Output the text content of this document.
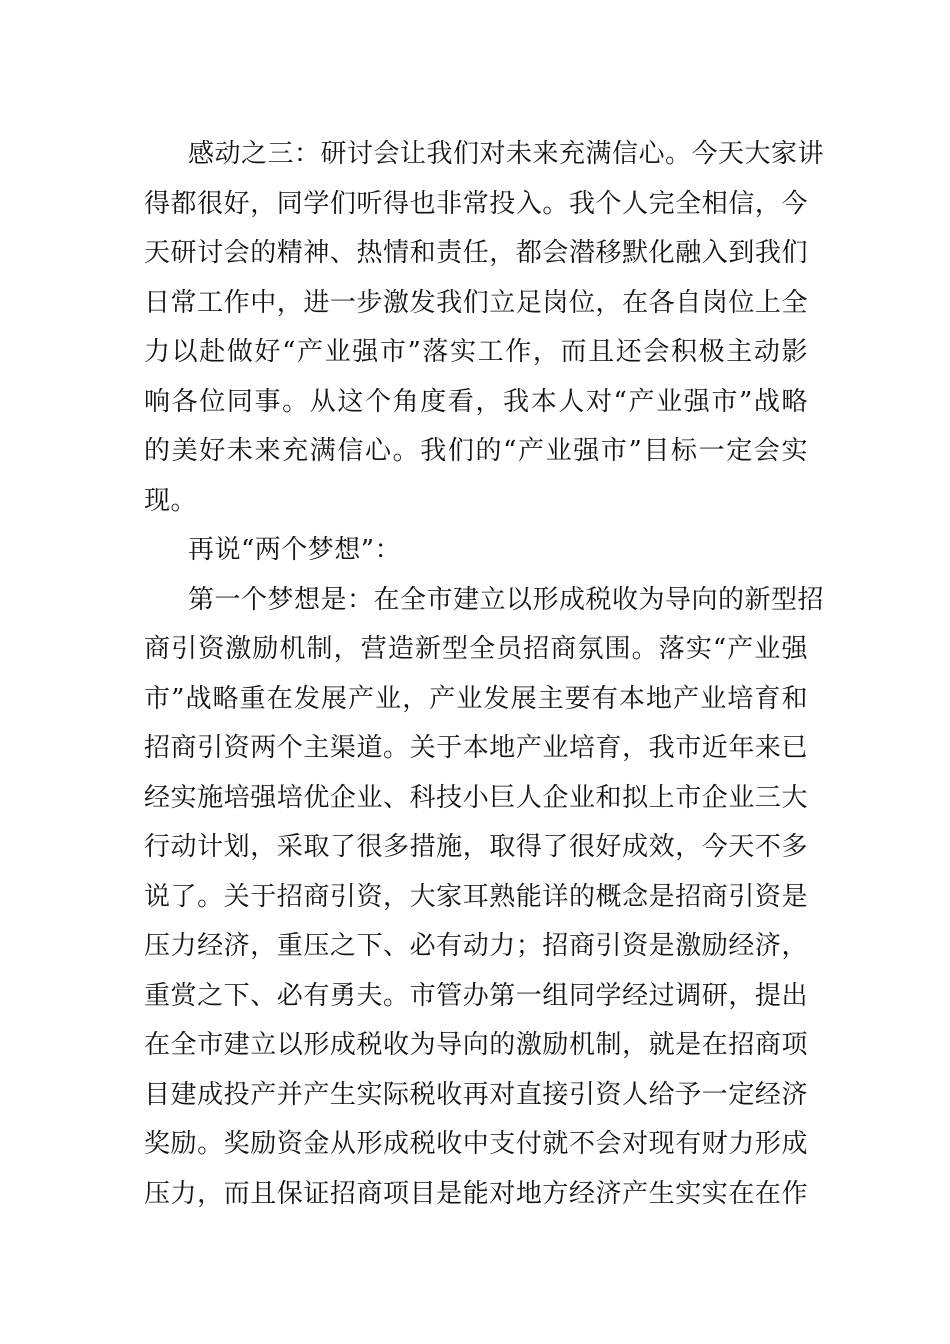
感动之三：研讨会让我们对未来充满信心。今天大家讲
得都很好，同学们听得也非常投入。我个人完全相信，今
天研讨会的精神、热情和责任，都会潜移默化融入到我们
日常工作中，进一步激发我们立足岗位，在各自岗位上全
力以赴做好“产业强市”落实工作，而且还会积极主动影
响各位同事。从这个角度看，我本人对“产业强市”战略
的美好未来充满信心。我们的“产业强市”目标一定会实
现。
再说“两个梦想”：
第一个梦想是：在全市建立以形成税收为导向的新型招
商引资激励机制，营造新型全员招商氛围。落实“产业强
市”战略重在发展产业，产业发展主要有本地产业培育和
招商引资两个主渠道。关于本地产业培育，我市近年来已
经实施培强培优企业、科技小巨人企业和拟上市企业三大
行动计划，采取了很多措施，取得了很好成效，今天不多
说了。关于招商引资，大家耳熟能详的概念是招商引资是
压力经济，重压之下、必有动力；招商引资是激励经济，
重赏之下、必有勇夫。市管办第一组同学经过调研，提出
在全市建立以形成税收为导向的激励机制，就是在招商项
目建成投产并产生实际税收再对直接引资人给予一定经济
奖励。奖励资金从形成税收中支付就不会对现有财力形成
压力，而且保证招商项目是能对地方经济产生实实在在作
